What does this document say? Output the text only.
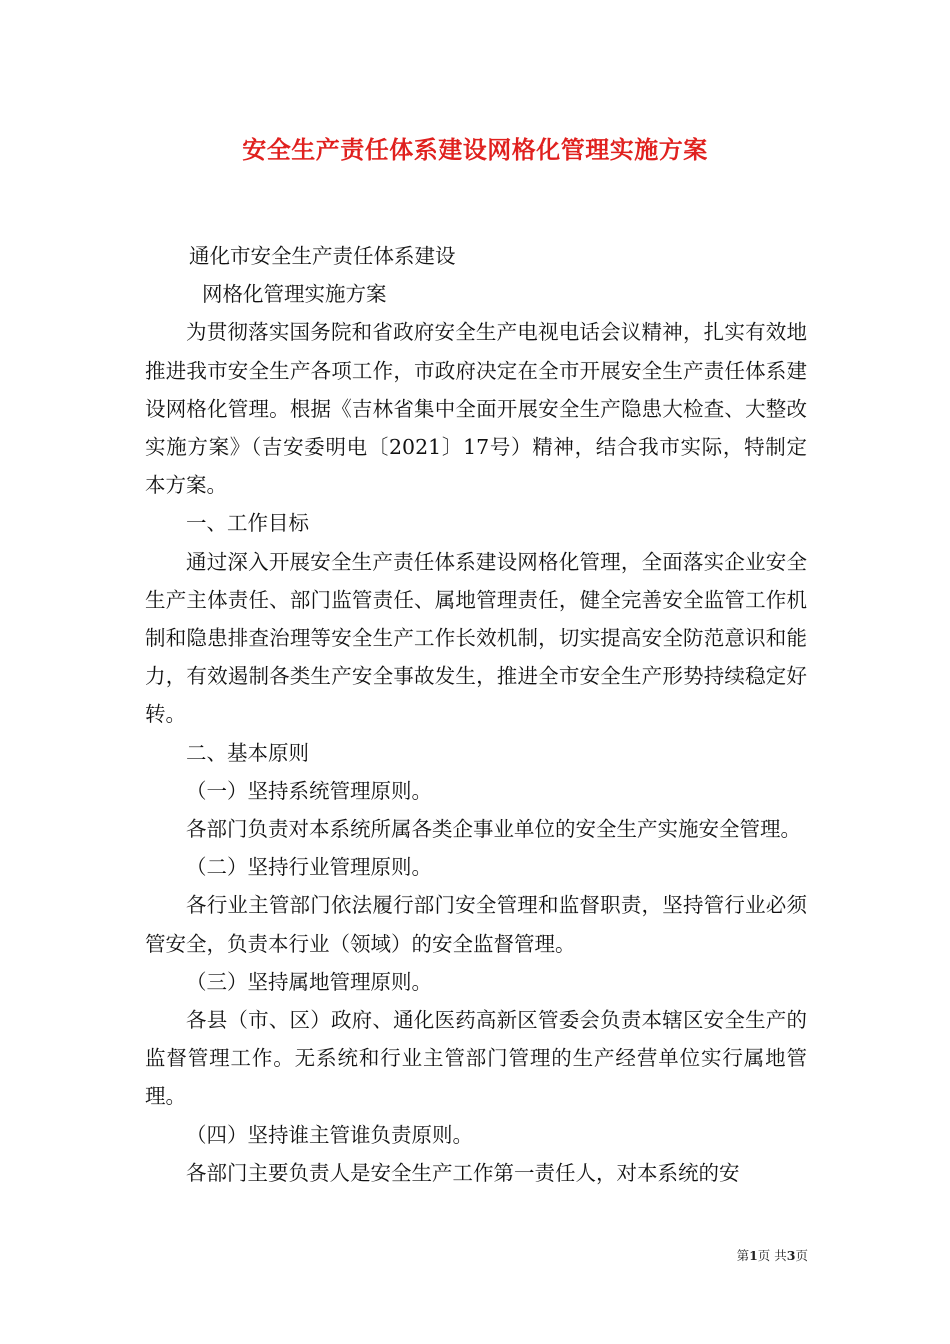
安全生产责任体系建设网格化管理实施方案

通化市安全生产责任体系建设

网格化管理实施方案

为贯彻落实国务院和省政府安全生产电视电话会议精神，扎实有效地推进我市安全生产各项工作，市政府决定在全市开展安全生产责任体系建设网格化管理。根据《吉林省集中全面开展安全生产隐患大检查、大整改实施方案》（吉安委明电〔2021〕17号）精神，结合我市实际，特制定本方案。

一、工作目标

通过深入开展安全生产责任体系建设网格化管理，全面落实企业安全生产主体责任、部门监管责任、属地管理责任，健全完善安全监管工作机制和隐患排查治理等安全生产工作长效机制，切实提高安全防范意识和能力，有效遏制各类生产安全事故发生，推进全市安全生产形势持续稳定好转。

二、基本原则

（一）坚持系统管理原则。

各部门负责对本系统所属各类企事业单位的安全生产实施安全管理。

（二）坚持行业管理原则。

各行业主管部门依法履行部门安全管理和监督职责，坚持管行业必须管安全，负责本行业（领域）的安全监督管理。

（三）坚持属地管理原则。

各县（市、区）政府、通化医药高新区管委会负责本辖区安全生产的监督管理工作。无系统和行业主管部门管理的生产经营单位实行属地管理。

（四）坚持谁主管谁负责原则。

各部门主要负责人是安全生产工作第一责任人，对本系统的安

第1页 共3页
